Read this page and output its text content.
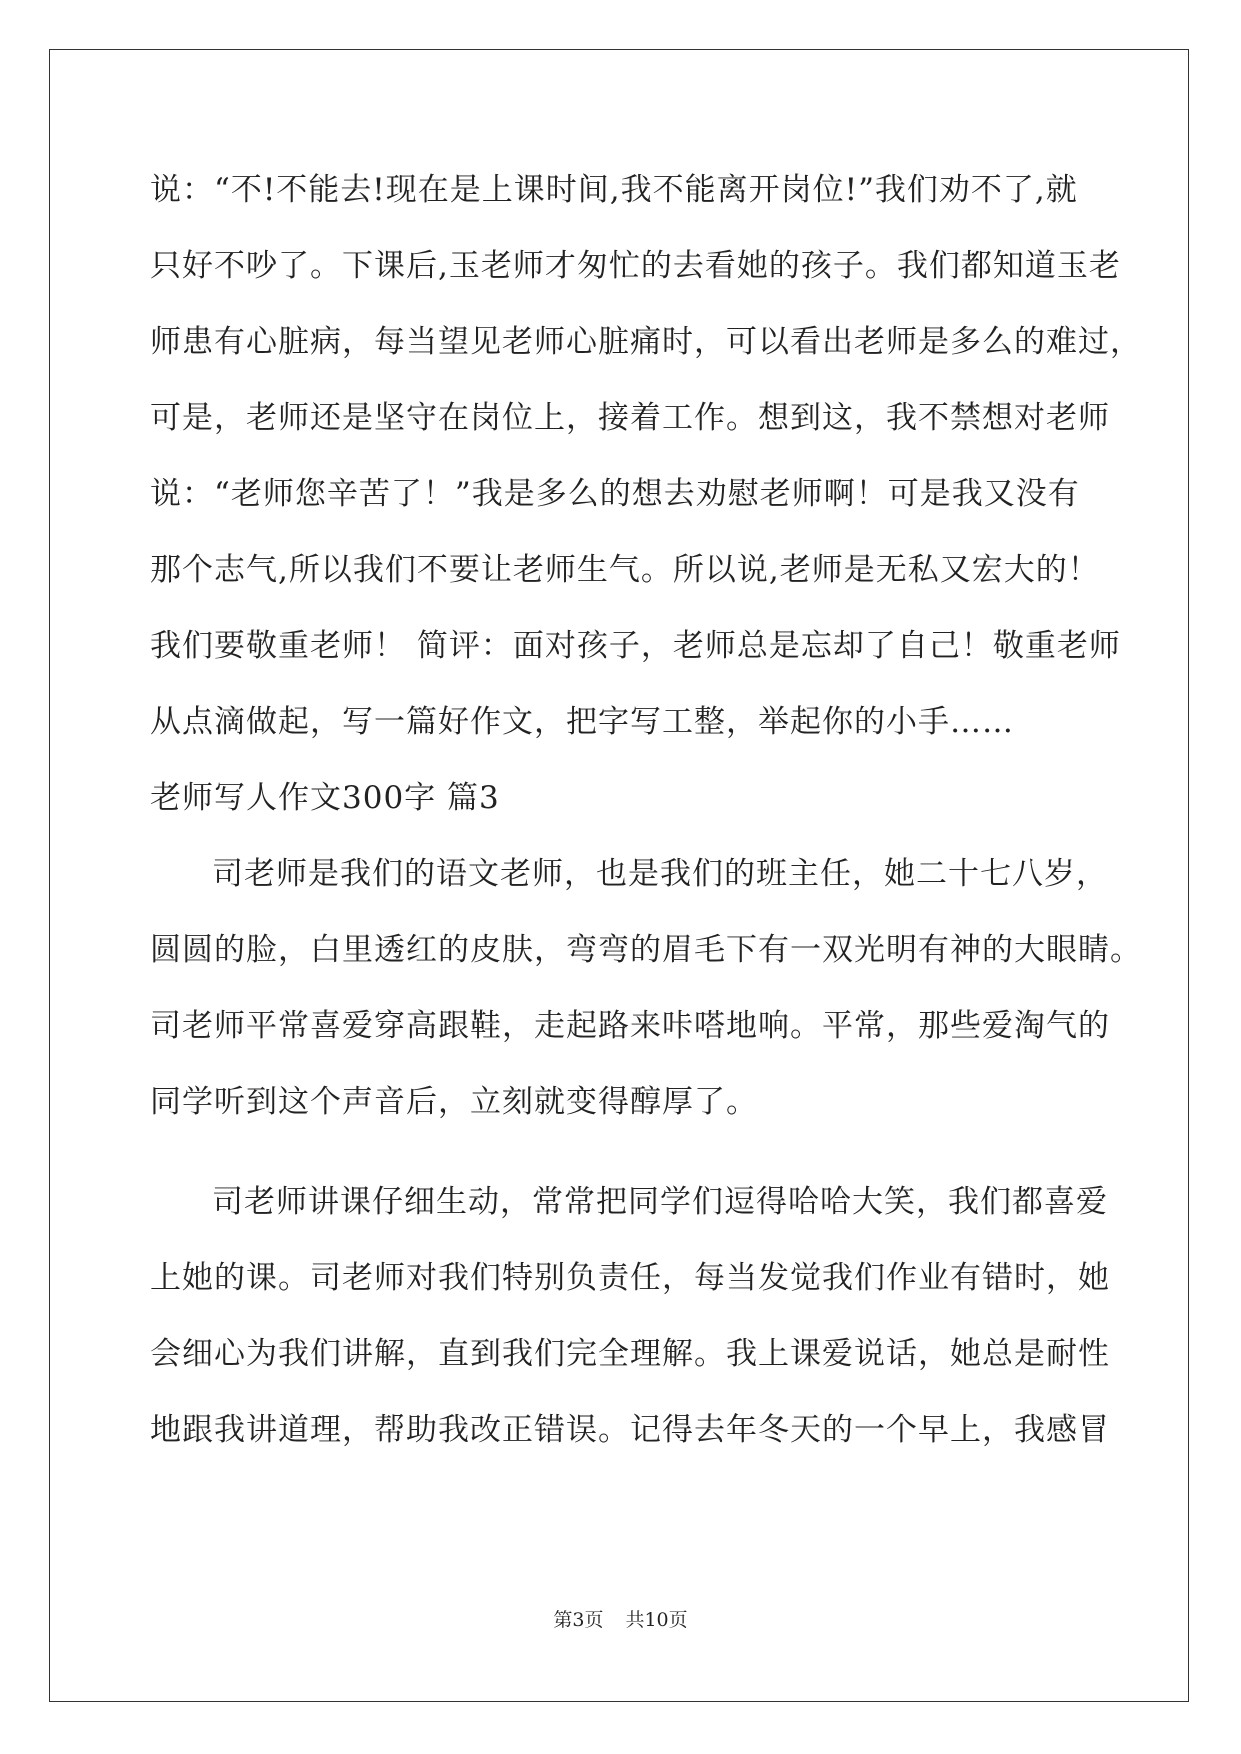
说：“不!不能去!现在是上课时间,我不能离开岗位!”我们劝不了,就
只好不吵了。下课后,玉老师才匆忙的去看她的孩子。我们都知道玉老
师患有心脏病，每当望见老师心脏痛时，可以看出老师是多么的难过，
可是，老师还是坚守在岗位上，接着工作。想到这，我不禁想对老师
说：“老师您辛苦了！”我是多么的想去劝慰老师啊！可是我又没有
那个志气,所以我们不要让老师生气。所以说,老师是无私又宏大的！
我们要敬重老师！ 简评：面对孩子，老师总是忘却了自己！敬重老师
从点滴做起，写一篇好作文，把字写工整，举起你的小手……
老师写人作文300字 篇3
司老师是我们的语文老师，也是我们的班主任，她二十七八岁，
圆圆的脸，白里透红的皮肤，弯弯的眉毛下有一双光明有神的大眼睛。
司老师平常喜爱穿高跟鞋，走起路来咔嗒地响。平常，那些爱淘气的
同学听到这个声音后，立刻就变得醇厚了。
司老师讲课仔细生动，常常把同学们逗得哈哈大笑，我们都喜爱
上她的课。司老师对我们特别负责任，每当发觉我们作业有错时，她
会细心为我们讲解，直到我们完全理解。我上课爱说话，她总是耐性
地跟我讲道理，帮助我改正错误。记得去年冬天的一个早上，我感冒
第3页 共10页
